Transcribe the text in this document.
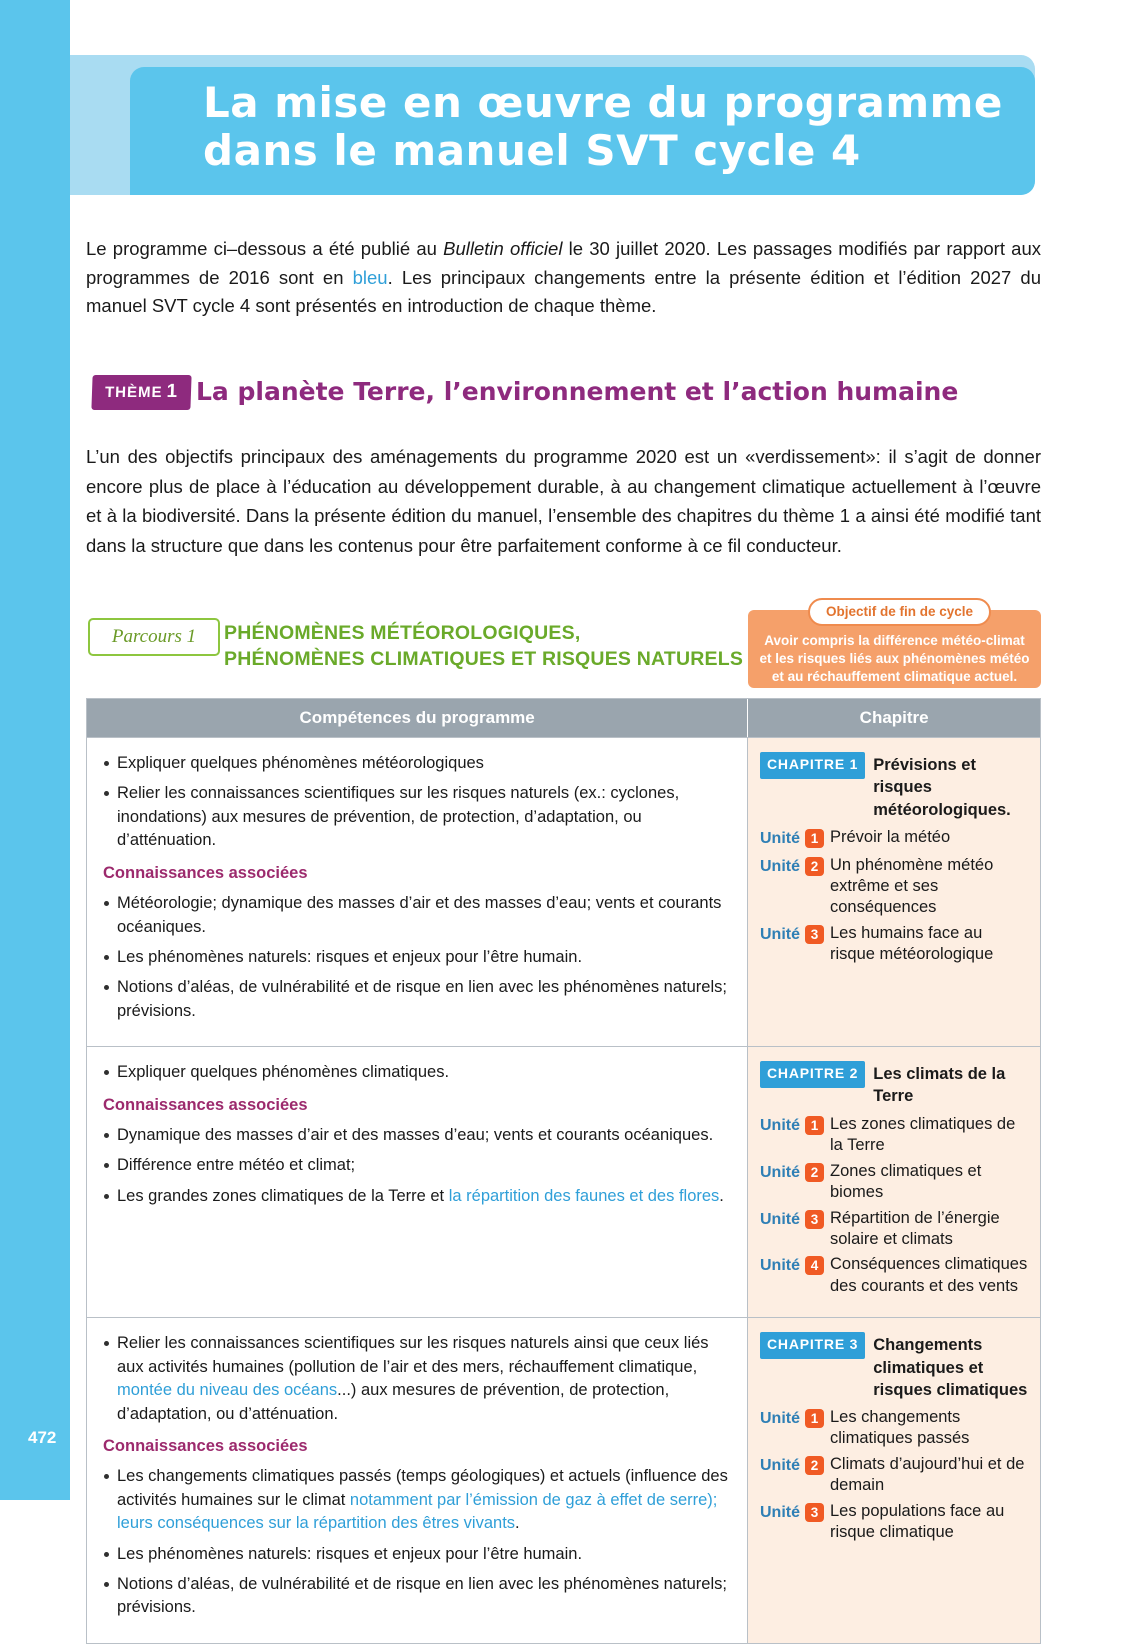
La mise en œuvre du programme
dans le manuel SVT cycle 4
Le programme ci–dessous a été publié au Bulletin officiel le 30 juillet 2020. Les passages modifiés par rapport aux programmes de 2016 sont en bleu. Les principaux changements entre la présente édition et l’édition 2027 du manuel SVT cycle 4 sont présentés en introduction de chaque thème.
THÈME 1 La planète Terre, l’environnement et l’action humaine
L’un des objectifs principaux des aménagements du programme 2020 est un «verdissement»: il s’agit de donner encore plus de place à l’éducation au développement durable, à au changement climatique actuellement à l’œuvre et à la biodiversité. Dans la présente édition du manuel, l’ensemble des chapitres du thème 1 a ainsi été modifié tant dans la structure que dans les contenus pour être parfaitement conforme à ce fil conducteur.
Parcours 1	PHÉNOMÈNES MÉTÉOROLOGIQUES,
PHÉNOMÈNES CLIMATIQUES ET RISQUES NATURELS
Avoir compris la différence météo-climat et les risques liés aux phénomènes météo et au réchauffement climatique actuel.
Objectif de fin de cycle
Compétences du programme	Chapitre
Expliquer quelques phénomènes météorologiques
Relier les connaissances scientifiques sur les risques naturels (ex.: cyclones, inondations) aux mesures de prévention, de protection, d’adaptation, ou d’atténuation.
Connaissances associées
Météorologie; dynamique des masses d’air et des masses d’eau; vents et courants océaniques.
Les phénomènes naturels: risques et enjeux pour l’être humain.
Notions d’aléas, de vulnérabilité et de risque en lien avec les phénomènes naturels; prévisions.
CHAPITRE 1 Prévisions et risques météorologiques.
Unité 1 Prévoir la météo
Unité 2 Un phénomène météo extrême et ses conséquences
Unité 3 Les humains face au risque météorologique
Expliquer quelques phénomènes climatiques.
Connaissances associées
Dynamique des masses d’air et des masses d’eau; vents et courants océaniques.
Différence entre météo et climat;
Les grandes zones climatiques de la Terre et la répartition des faunes et des flores.
CHAPITRE 2 Les climats de la Terre
Unité 1 Les zones climatiques de la Terre
Unité 2 Zones climatiques et biomes
Unité 3 Répartition de l’énergie solaire et climats
Unité 4 Conséquences climatiques des courants et des vents
Relier les connaissances scientifiques sur les risques naturels ainsi que ceux liés aux activités humaines (pollution de l’air et des mers, réchauffement climatique, montée du niveau des océans...) aux mesures de prévention, de protection, d’adaptation, ou d’atténuation.
Connaissances associées
Les changements climatiques passés (temps géologiques) et actuels (influence des activités humaines sur le climat notamment par l’émission de gaz à effet de serre); leurs conséquences sur la répartition des êtres vivants.
Les phénomènes naturels: risques et enjeux pour l’être humain.
Notions d’aléas, de vulnérabilité et de risque en lien avec les phénomènes naturels; prévisions.
CHAPITRE 3 Changements climatiques et risques climatiques
Unité 1 Les changements climatiques passés
Unité 2 Climats d’aujourd’hui et de demain
Unité 3 Les populations face au risque climatique
472
